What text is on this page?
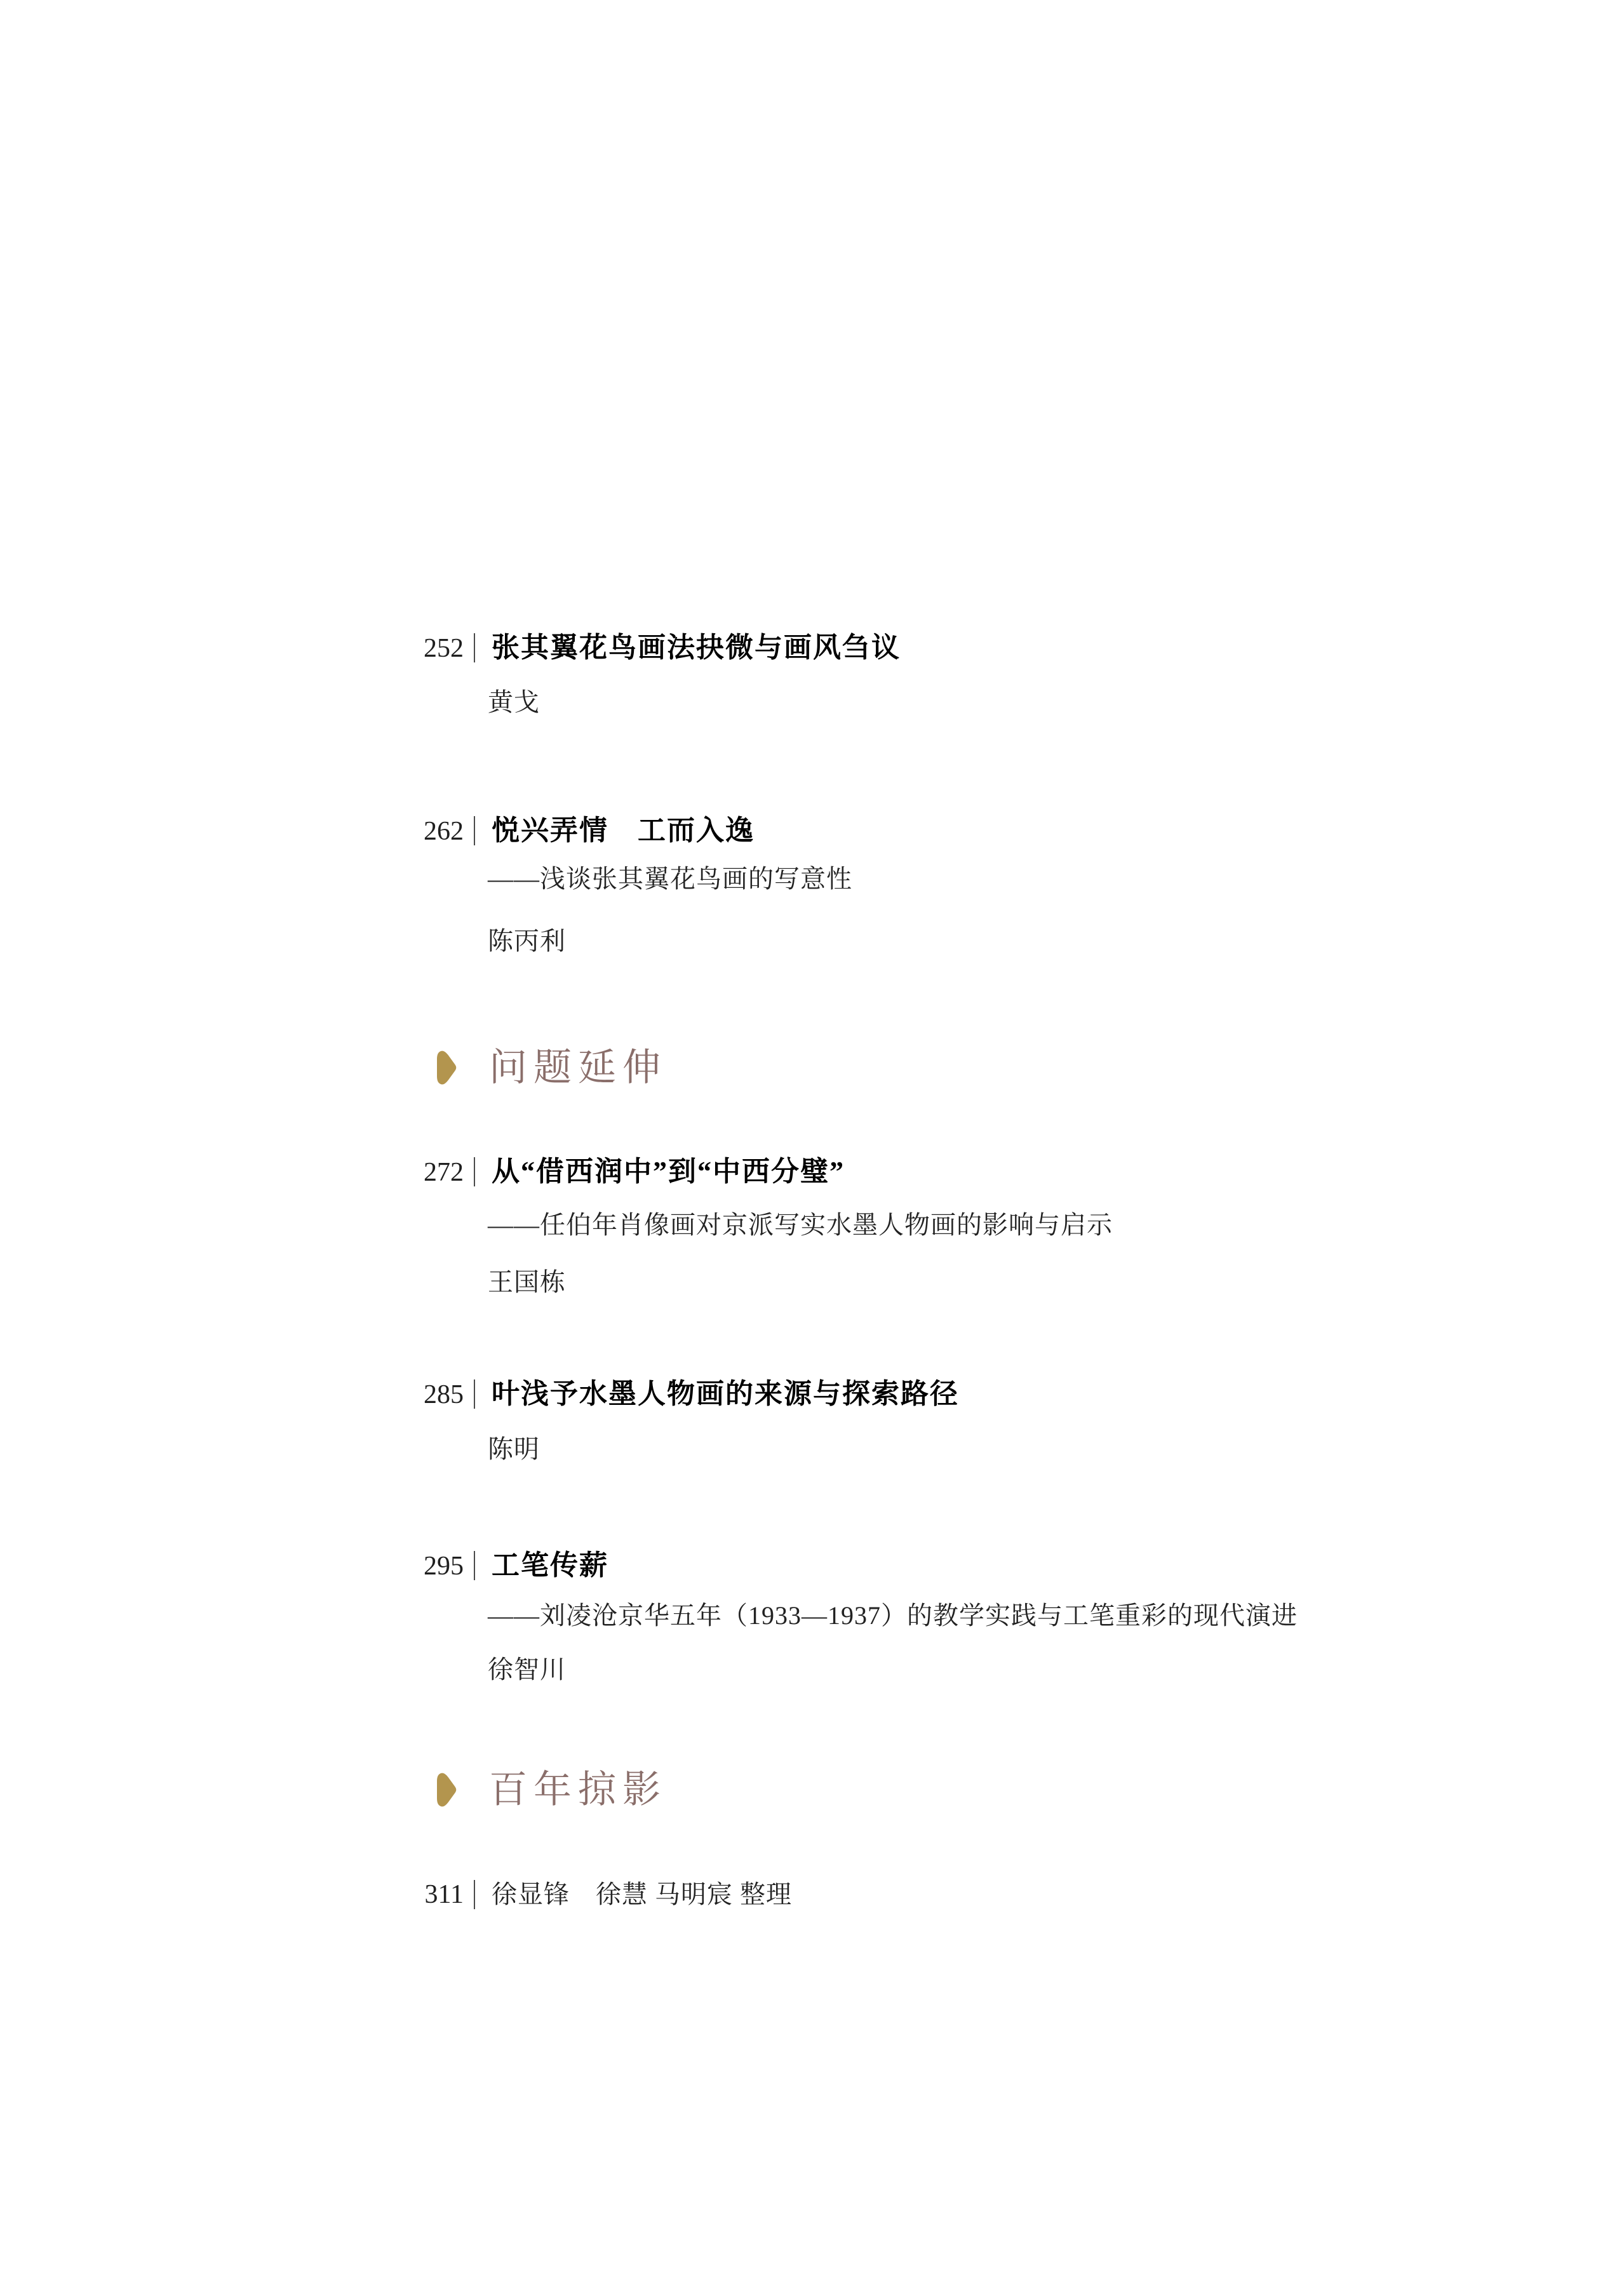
252 张其翼花鸟画法抉微与画风刍议
黄戈
262 悦兴弄情　工而入逸
——浅谈张其翼花鸟画的写意性
陈丙利
问题延伸
272 从“借西润中”到“中西分璧”
——任伯年肖像画对京派写实水墨人物画的影响与启示
王国栋
285 叶浅予水墨人物画的来源与探索路径
陈明
295 工笔传薪
——刘凌沧京华五年（1933—1937）的教学实践与工笔重彩的现代演进
徐智川
百年掠影
311 徐显锋　徐慧 马明宸 整理
